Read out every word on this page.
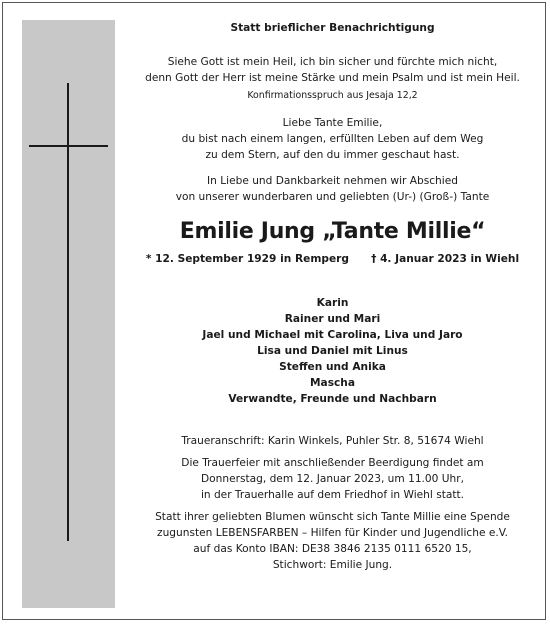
Statt brieflicher Benachrichtigung
Siehe Gott ist mein Heil, ich bin sicher und fürchte mich nicht,
denn Gott der Herr ist meine Stärke und mein Psalm und ist mein Heil.
Konfirmationsspruch aus Jesaja 12,2
Liebe Tante Emilie,
du bist nach einem langen, erfüllten Leben auf dem Weg
zu dem Stern, auf den du immer geschaut hast.
In Liebe und Dankbarkeit nehmen wir Abschied
von unserer wunderbaren und geliebten (Ur-) (Groß-) Tante
Emilie Jung „Tante Millie“
* 12. September 1929 in Remperg † 4. Januar 2023 in Wiehl
Karin
Rainer und Mari
Jael und Michael mit Carolina, Liva und Jaro
Lisa und Daniel mit Linus
Steffen und Anika
Mascha
Verwandte, Freunde und Nachbarn
Traueranschrift: Karin Winkels, Puhler Str. 8, 51674 Wiehl
Die Trauerfeier mit anschließender Beerdigung findet am
Donnerstag, dem 12. Januar 2023, um 11.00 Uhr,
in der Trauerhalle auf dem Friedhof in Wiehl statt.
Statt ihrer geliebten Blumen wünscht sich Tante Millie eine Spende
zugunsten LEBENSFARBEN – Hilfen für Kinder und Jugendliche e.V.
auf das Konto IBAN: DE38 3846 2135 0111 6520 15,
Stichwort: Emilie Jung.
